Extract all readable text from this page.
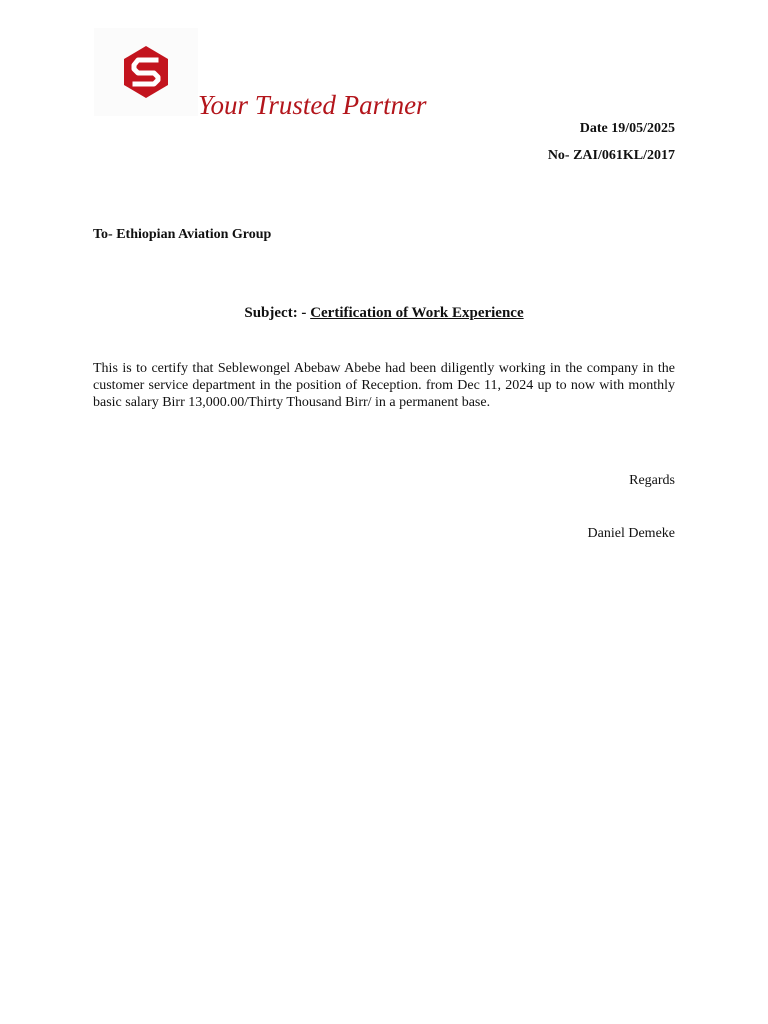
Your Trusted Partner
Date 19/05/2025
No- ZAI/061KL/2017
To- Ethiopian Aviation Group
Subject: - Certification of Work Experience
This is to certify that Seblewongel Abebaw Abebe had been diligently working in the company in the customer service department in the position of Reception. from Dec 11, 2024 up to now with monthly basic salary Birr 13,000.00/Thirty Thousand Birr/ in a permanent base.
Regards
Daniel Demeke
